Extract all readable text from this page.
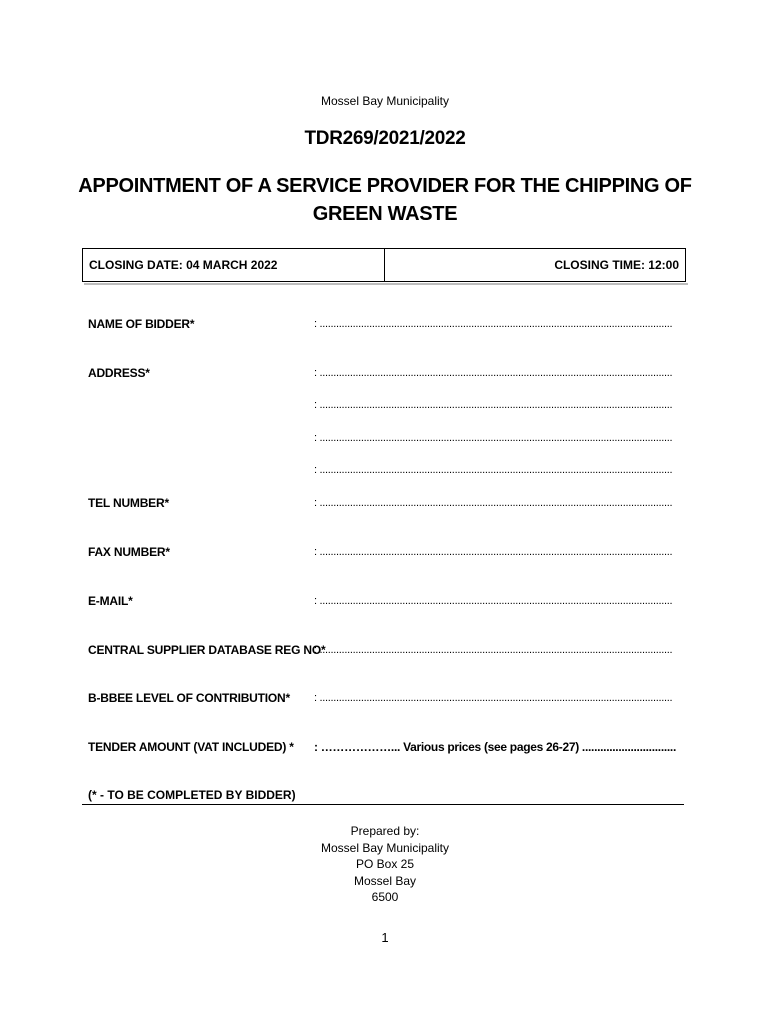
Mossel Bay Municipality
TDR269/2021/2022
APPOINTMENT OF A SERVICE PROVIDER FOR THE CHIPPING OF
GREEN WASTE
CLOSING DATE: 04 MARCH 2022	CLOSING TIME: 12:00
NAME OF BIDDER*	: ................................................................................................................................
ADDRESS*	: ................................................................................................................................
: ................................................................................................................................
: ................................................................................................................................
: ................................................................................................................................
TEL NUMBER*	: ................................................................................................................................
FAX NUMBER*	: ................................................................................................................................
E-MAIL*	: ................................................................................................................................
CENTRAL SUPPLIER DATABASE REG NO*
: ................................................................................................................................
B-BBEE LEVEL OF CONTRIBUTION* : ................................................................................................................................
TENDER AMOUNT (VAT INCLUDED) * : ………………... Various prices (see pages 26-27) ...............................
(* - TO BE COMPLETED BY BIDDER)
Prepared by:
Mossel Bay Municipality
PO Box 25
Mossel Bay
6500
1
